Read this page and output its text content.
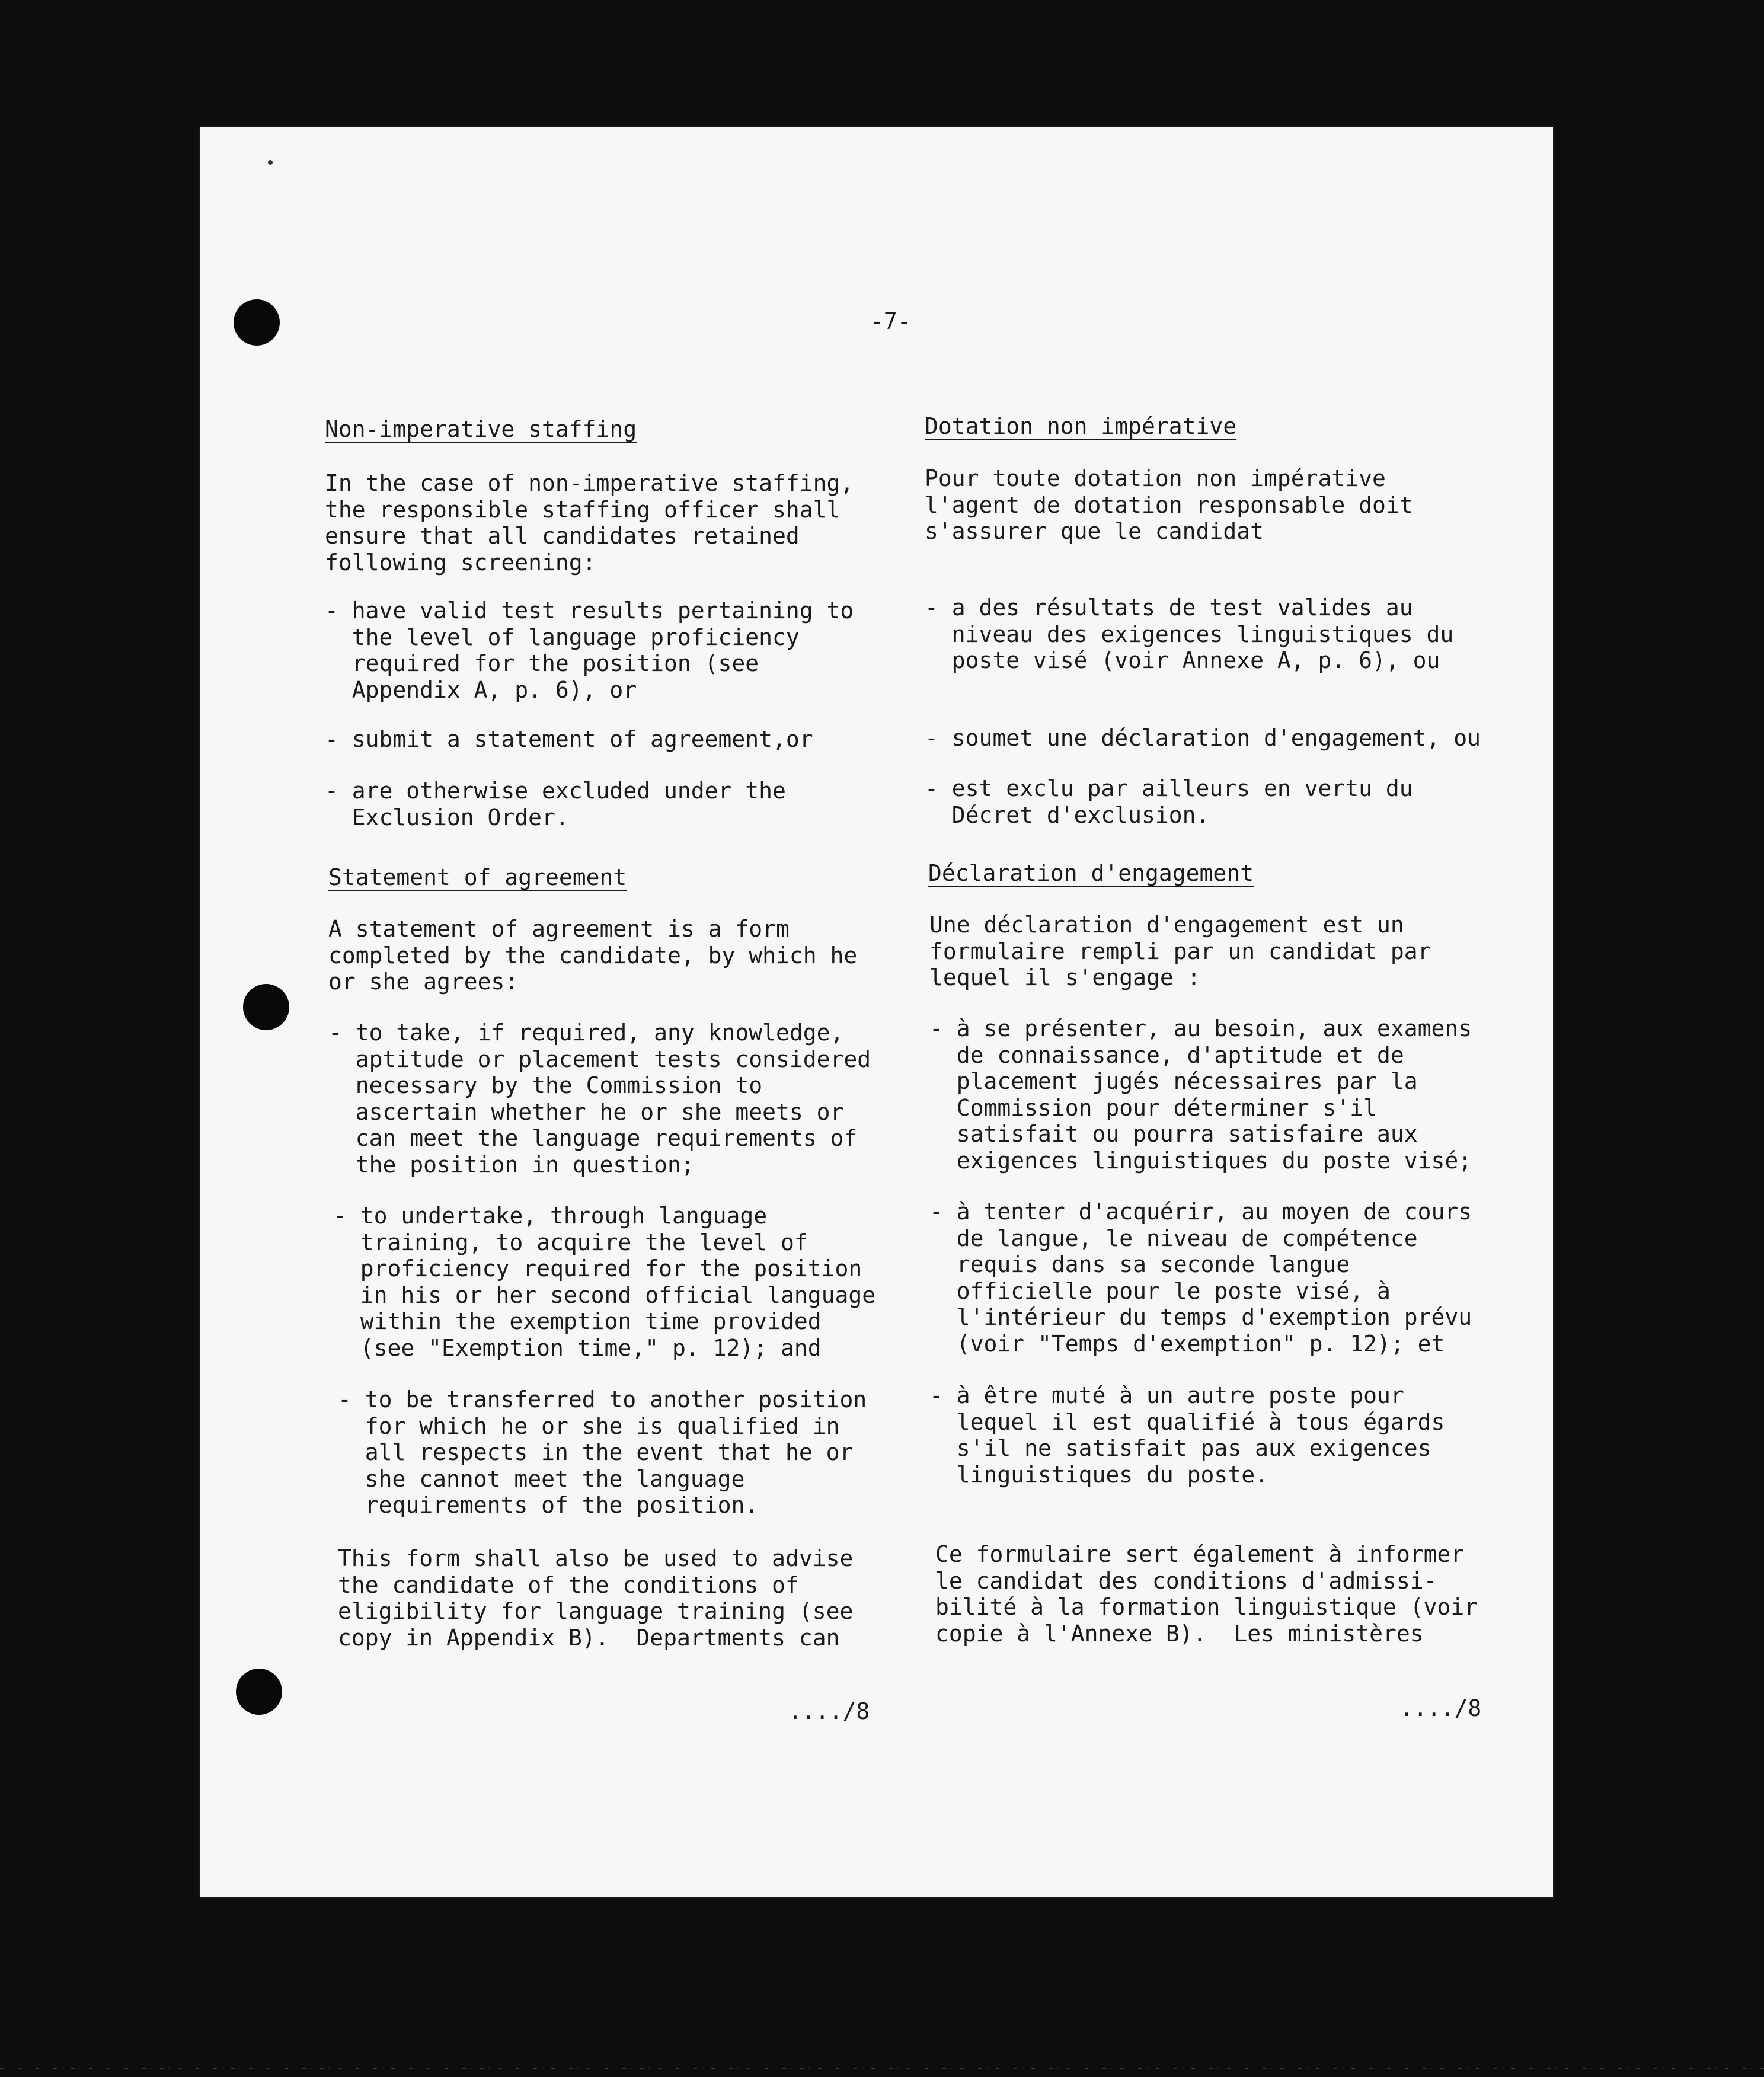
-7-

Non-imperative staffing

In the case of non-imperative staffing,
the responsible staffing officer shall
ensure that all candidates retained
following screening:

- have valid test results pertaining to
the level of language proficiency
required for the position (see
Appendix A, p. 6), or

- submit a statement of agreement,or

- are otherwise excluded under the
Exclusion Order.

Statement of agreement

A statement of agreement is a form
completed by the candidate, by which he
or she agrees:

- to take, if required, any knowledge,
aptitude or placement tests considered
necessary by the Commission to
ascertain whether he or she meets or
can meet the language requirements of
the position in question;

- to undertake, through language
training, to acquire the level of
proficiency required for the position
in his or her second official language
within the exemption time provided
(see "Exemption time," p. 12); and

- to be transferred to another position
for which he or she is qualified in
all respects in the event that he or
she cannot meet the language
requirements of the position.

This form shall also be used to advise
the candidate of the conditions of
eligibility for language training (see
copy in Appendix B).  Departments can

..../8

Dotation non impérative

Pour toute dotation non impérative
l'agent de dotation responsable doit
s'assurer que le candidat

- a des résultats de test valides au
niveau des exigences linguistiques du
poste visé (voir Annexe A, p. 6), ou

- soumet une déclaration d'engagement, ou

- est exclu par ailleurs en vertu du
Décret d'exclusion.

Déclaration d'engagement

Une déclaration d'engagement est un
formulaire rempli par un candidat par
lequel il s'engage :

- à se présenter, au besoin, aux examens
de connaissance, d'aptitude et de
placement jugés nécessaires par la
Commission pour déterminer s'il
satisfait ou pourra satisfaire aux
exigences linguistiques du poste visé;

- à tenter d'acquérir, au moyen de cours
de langue, le niveau de compétence
requis dans sa seconde langue
officielle pour le poste visé, à
l'intérieur du temps d'exemption prévu
(voir "Temps d'exemption" p. 12); et

- à être muté à un autre poste pour
lequel il est qualifié à tous égards
s'il ne satisfait pas aux exigences
linguistiques du poste.

Ce formulaire sert également à informer
le candidat des conditions d'admissi-
bilité à la formation linguistique (voir
copie à l'Annexe B).  Les ministères

..../8
